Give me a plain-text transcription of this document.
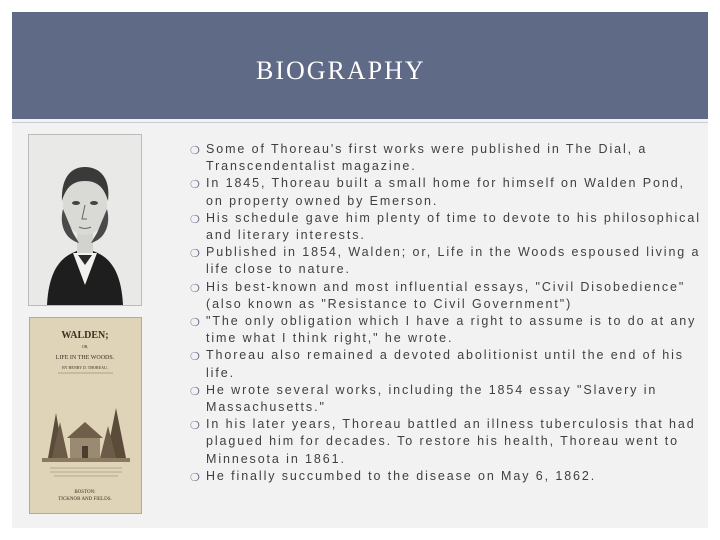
BIOGRAPHY
WALDEN;
OR,
LIFE IN THE WOODS.
BY HENRY D. THOREAU,
BOSTON:
TICKNOR AND FIELDS.
❍ Some of Thoreau's first works were published in The Dial, a Transcendentalist magazine.
❍ In 1845, Thoreau built a small home for himself on Walden Pond, on property owned by Emerson.
❍ His schedule gave him plenty of time to devote to his philosophical and literary interests.
❍ Published in 1854, Walden; or, Life in the Woods espoused living a life close to nature.
❍ His best-known and most influential essays, "Civil Disobedience" (also known as "Resistance to Civil Government")
❍ "The only obligation which I have a right to assume is to do at any time what I think right," he wrote.
❍ Thoreau also remained a devoted abolitionist until the end of his life.
❍ He wrote several works, including the 1854 essay "Slavery in Massachusetts."
❍ In his later years, Thoreau battled an illness tuberculosis that had plagued him for decades. To restore his health, Thoreau went to Minnesota in 1861.
❍ He finally succumbed to the disease on May 6, 1862.
